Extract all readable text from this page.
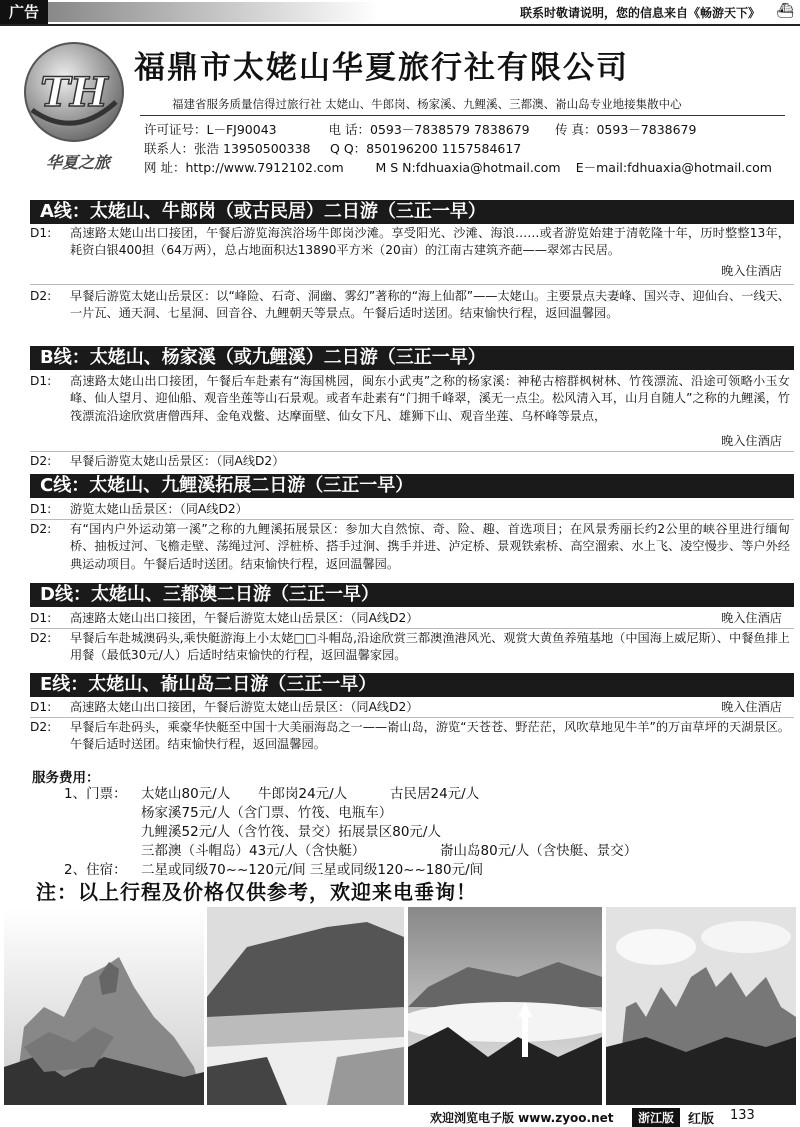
广告	联系时敬请说明，您的信息来自《畅游天下》 ⛴
TH
华夏之旅
福鼎市太姥山华夏旅行社有限公司
福建省服务质量信得过旅行社 太姥山、牛郎岗、杨家溪、九鲤溪、三都澳、嵛山岛专业地接集散中心
许可证号：L－FJ90043	电 话：0593－7838579 7838679 传 真：0593－7838679
联系人：张浩 13950500338 Q Q：850196200 1157584617
网 址：http://www.7912102.com	M S N:fdhuaxia@hotmail.com E－mail:fdhuaxia@hotmail.com
A线：太姥山、牛郎岗（或古民居）二日游（三正一早）
D1:	高速路太姥山出口接团，午餐后游览海滨浴场牛郎岗沙滩。享受阳光、沙滩、海浪……或者游览始建于清乾隆十年，历时整整13年，耗资白银400担（64万两），总占地面积达13890平方米（20亩）的江南古建筑齐葩——翠郊古民居。
晚入住酒店
D2:	早餐后游览太姥山岳景区：以“峰险、石奇、洞幽、雾幻”著称的“海上仙都”——太姥山。主要景点夫妻峰、国兴寺、迎仙台、一线天、一片瓦、通天洞、七星洞、回音谷、九鲤朝天等景点。午餐后适时送团。结束愉快行程，返回温馨园。
B线：太姥山、杨家溪（或九鲤溪）二日游（三正一早）
D1:	高速路太姥山出口接团，午餐后车赴素有“海国桃园，闽东小武夷”之称的杨家溪：神秘古榕群枫树林、竹筏漂流、沿途可领略小玉女峰、仙人望月、迎仙船、观音坐莲等山石景观。或者车赴素有“门拥千峰翠，溪无一点尘。松风清入耳，山月自随人”之称的九鲤溪，竹筏漂流沿途欣赏唐僧西拜、金龟戏鳖、达摩面壁、仙女下凡、雄狮下山、观音坐莲、乌杯峰等景点，
晚入住酒店
D2:	早餐后游览太姥山岳景区：（同A线D2）
C线：太姥山、九鲤溪拓展二日游（三正一早）
D1:	游览太姥山岳景区：（同A线D2）
D2:	有“国内户外运动第一溪”之称的九鲤溪拓展景区：参加大自然惊、奇、险、趣、首选项目；在风景秀丽长约2公里的峡谷里进行缅甸桥、抽板过河、飞檐走壁、荡绳过河、浮桩桥、搭手过涧、携手并进、泸定桥、景观铁索桥、高空溜索、水上飞、凌空慢步、等户外经典运动项目。午餐后适时送团。结束愉快行程，返回温馨园。
D线：太姥山、三都澳二日游（三正一早）
D1:	高速路太姥山出口接团，午餐后游览太姥山岳景区：（同A线D2）	晚入住酒店
D2:	早餐后车赴城澳码头,乘快艇游海上小太姥□□斗帽岛,沿途欣赏三都澳渔港风光、观赏大黄鱼养殖基地（中国海上威尼斯）、中餐鱼排上用餐（最低30元/人）后适时结束愉快的行程，返回温馨家园。
E线：太姥山、嵛山岛二日游（三正一早）
D1:	高速路太姥山出口接团，午餐后游览太姥山岳景区：（同A线D2）	晚入住酒店
D2:	早餐后车赴码头，乘豪华快艇至中国十大美丽海岛之一——嵛山岛，游览“天苍苍、野茫茫，风吹草地见牛羊”的万亩草坪的天湖景区。午餐后适时送团。结束愉快行程，返回温馨园。
服务费用：
1、门票： 太姥山80元/人 牛郎岗24元/人	古民居24元/人
杨家溪75元/人（含门票、竹筏、电瓶车）
九鲤溪52元/人（含竹筏、景交）拓展景区80元/人
三都澳（斗帽岛）43元/人（含快艇）	嵛山岛80元/人（含快艇、景交）
2、住宿： 二星或同级70~~120元/间 三星或同级120~~180元/间
注：以上行程及价格仅供参考，欢迎来电垂询！
欢迎浏览电子版 www.zyoo.net	浙江版	红版 133
